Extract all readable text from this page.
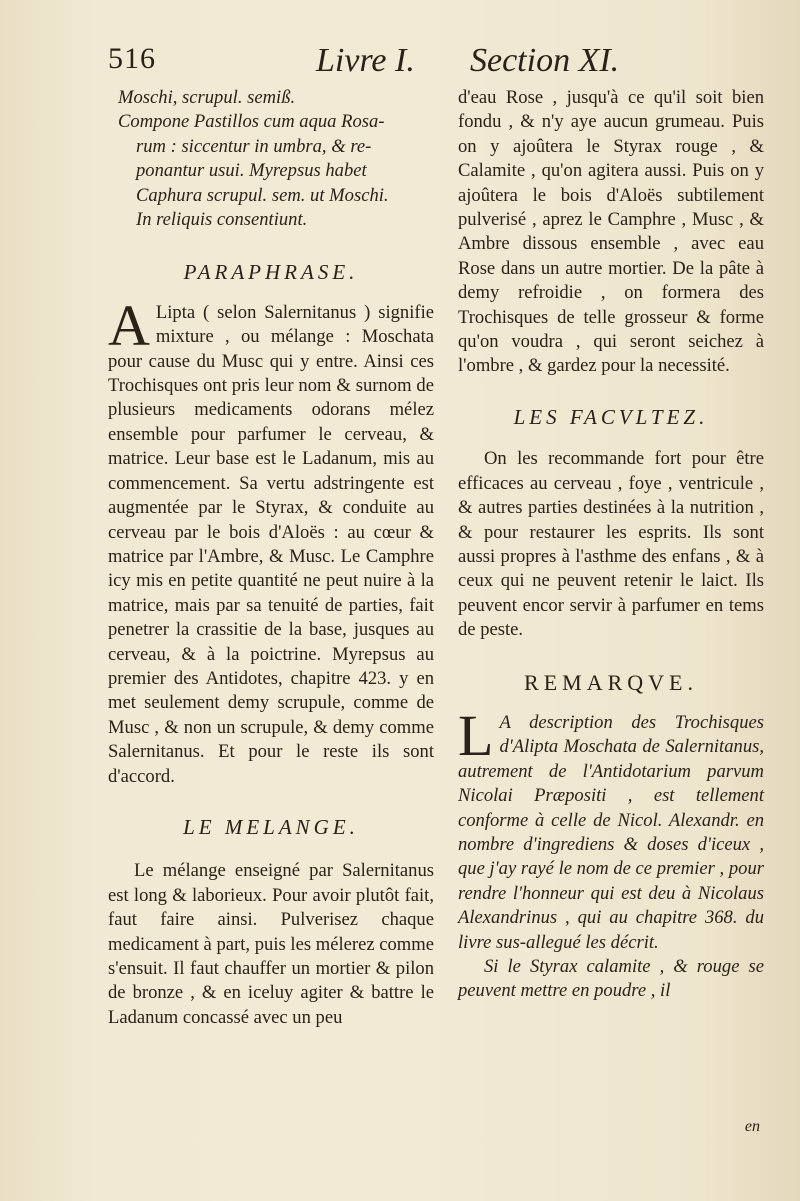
516	Livre I. Section XI.
Moschi, scrupul. semiß.
Compone Pastillos cum aqua Rosa-
rum : siccentur in umbra, & re-
ponantur usui. Myrepsus habet
Caphura scrupul. sem. ut Moschi.
In reliquis consentiunt.

PARAPHRASE.

A Lipta ( selon Salernitanus ) signifie mixture , ou mélange : Moschata pour cause du Musc qui y entre. Ainsi ces Trochisques ont pris leur nom & surnom de plusieurs medicaments odorans mélez ensemble pour parfumer le cerveau, & matrice. Leur base est le Ladanum, mis au commencement. Sa vertu adstringente est augmentée par le Styrax, & conduite au cerveau par le bois d'Aloës : au cœur & matrice par l'Ambre, & Musc. Le Camphre icy mis en petite quantité ne peut nuire à la matrice, mais par sa tenuité de parties, fait penetrer la crassitie de la base, jusques au cerveau, & à la poictrine. Myrepsus au premier des Antidotes, chapitre 423. y en met seulement demy scrupule, comme de Musc , & non un scrupule, & demy comme Salernitanus. Et pour le reste ils sont d'accord.

LE MELANGE.

Le mélange enseigné par Salernitanus est long & laborieux. Pour avoir plutôt fait, faut faire ainsi. Pulverisez chaque medicament à part, puis les mélerez comme s'ensuit. Il faut chauffer un mortier & pilon de bronze , & en iceluy agiter & battre le Ladanum concassé avec un peu

d'eau Rose , jusqu'à ce qu'il soit bien fondu , & n'y aye aucun grumeau. Puis on y ajoûtera le Styrax rouge , & Calamite , qu'on agitera aussi. Puis on y ajoûtera le bois d'Aloës subtilement pulverisé , aprez le Camphre , Musc , & Ambre dissous ensemble , avec eau Rose dans un autre mortier. De la pâte à demy refroidie , on formera des Trochisques de telle grosseur & forme qu'on voudra , qui seront seichez à l'ombre , & gardez pour la necessité.

LES FACVLTEZ.

On les recommande fort pour être efficaces au cerveau , foye , ventricule , & autres parties destinées à la nutrition , & pour restaurer les esprits. Ils sont aussi propres à l'asthme des enfans , & à ceux qui ne peuvent retenir le laict. Ils peuvent encor servir à parfumer en tems de peste.

REMARQVE.

L A description des Trochisques d'Alipta Moschata de Salernitanus, autrement de l'Antidotarium parvum Nicolai Præpositi , est tellement conforme à celle de Nicol. Alexandr. en nombre d'ingrediens & doses d'iceux , que j'ay rayé le nom de ce premier , pour rendre l'honneur qui est deu à Nicolaus Alexandrinus , qui au chapitre 368. du livre sus-allegué les décrit.

Si le Styrax calamite , & rouge se peuvent mettre en poudre , il

en
